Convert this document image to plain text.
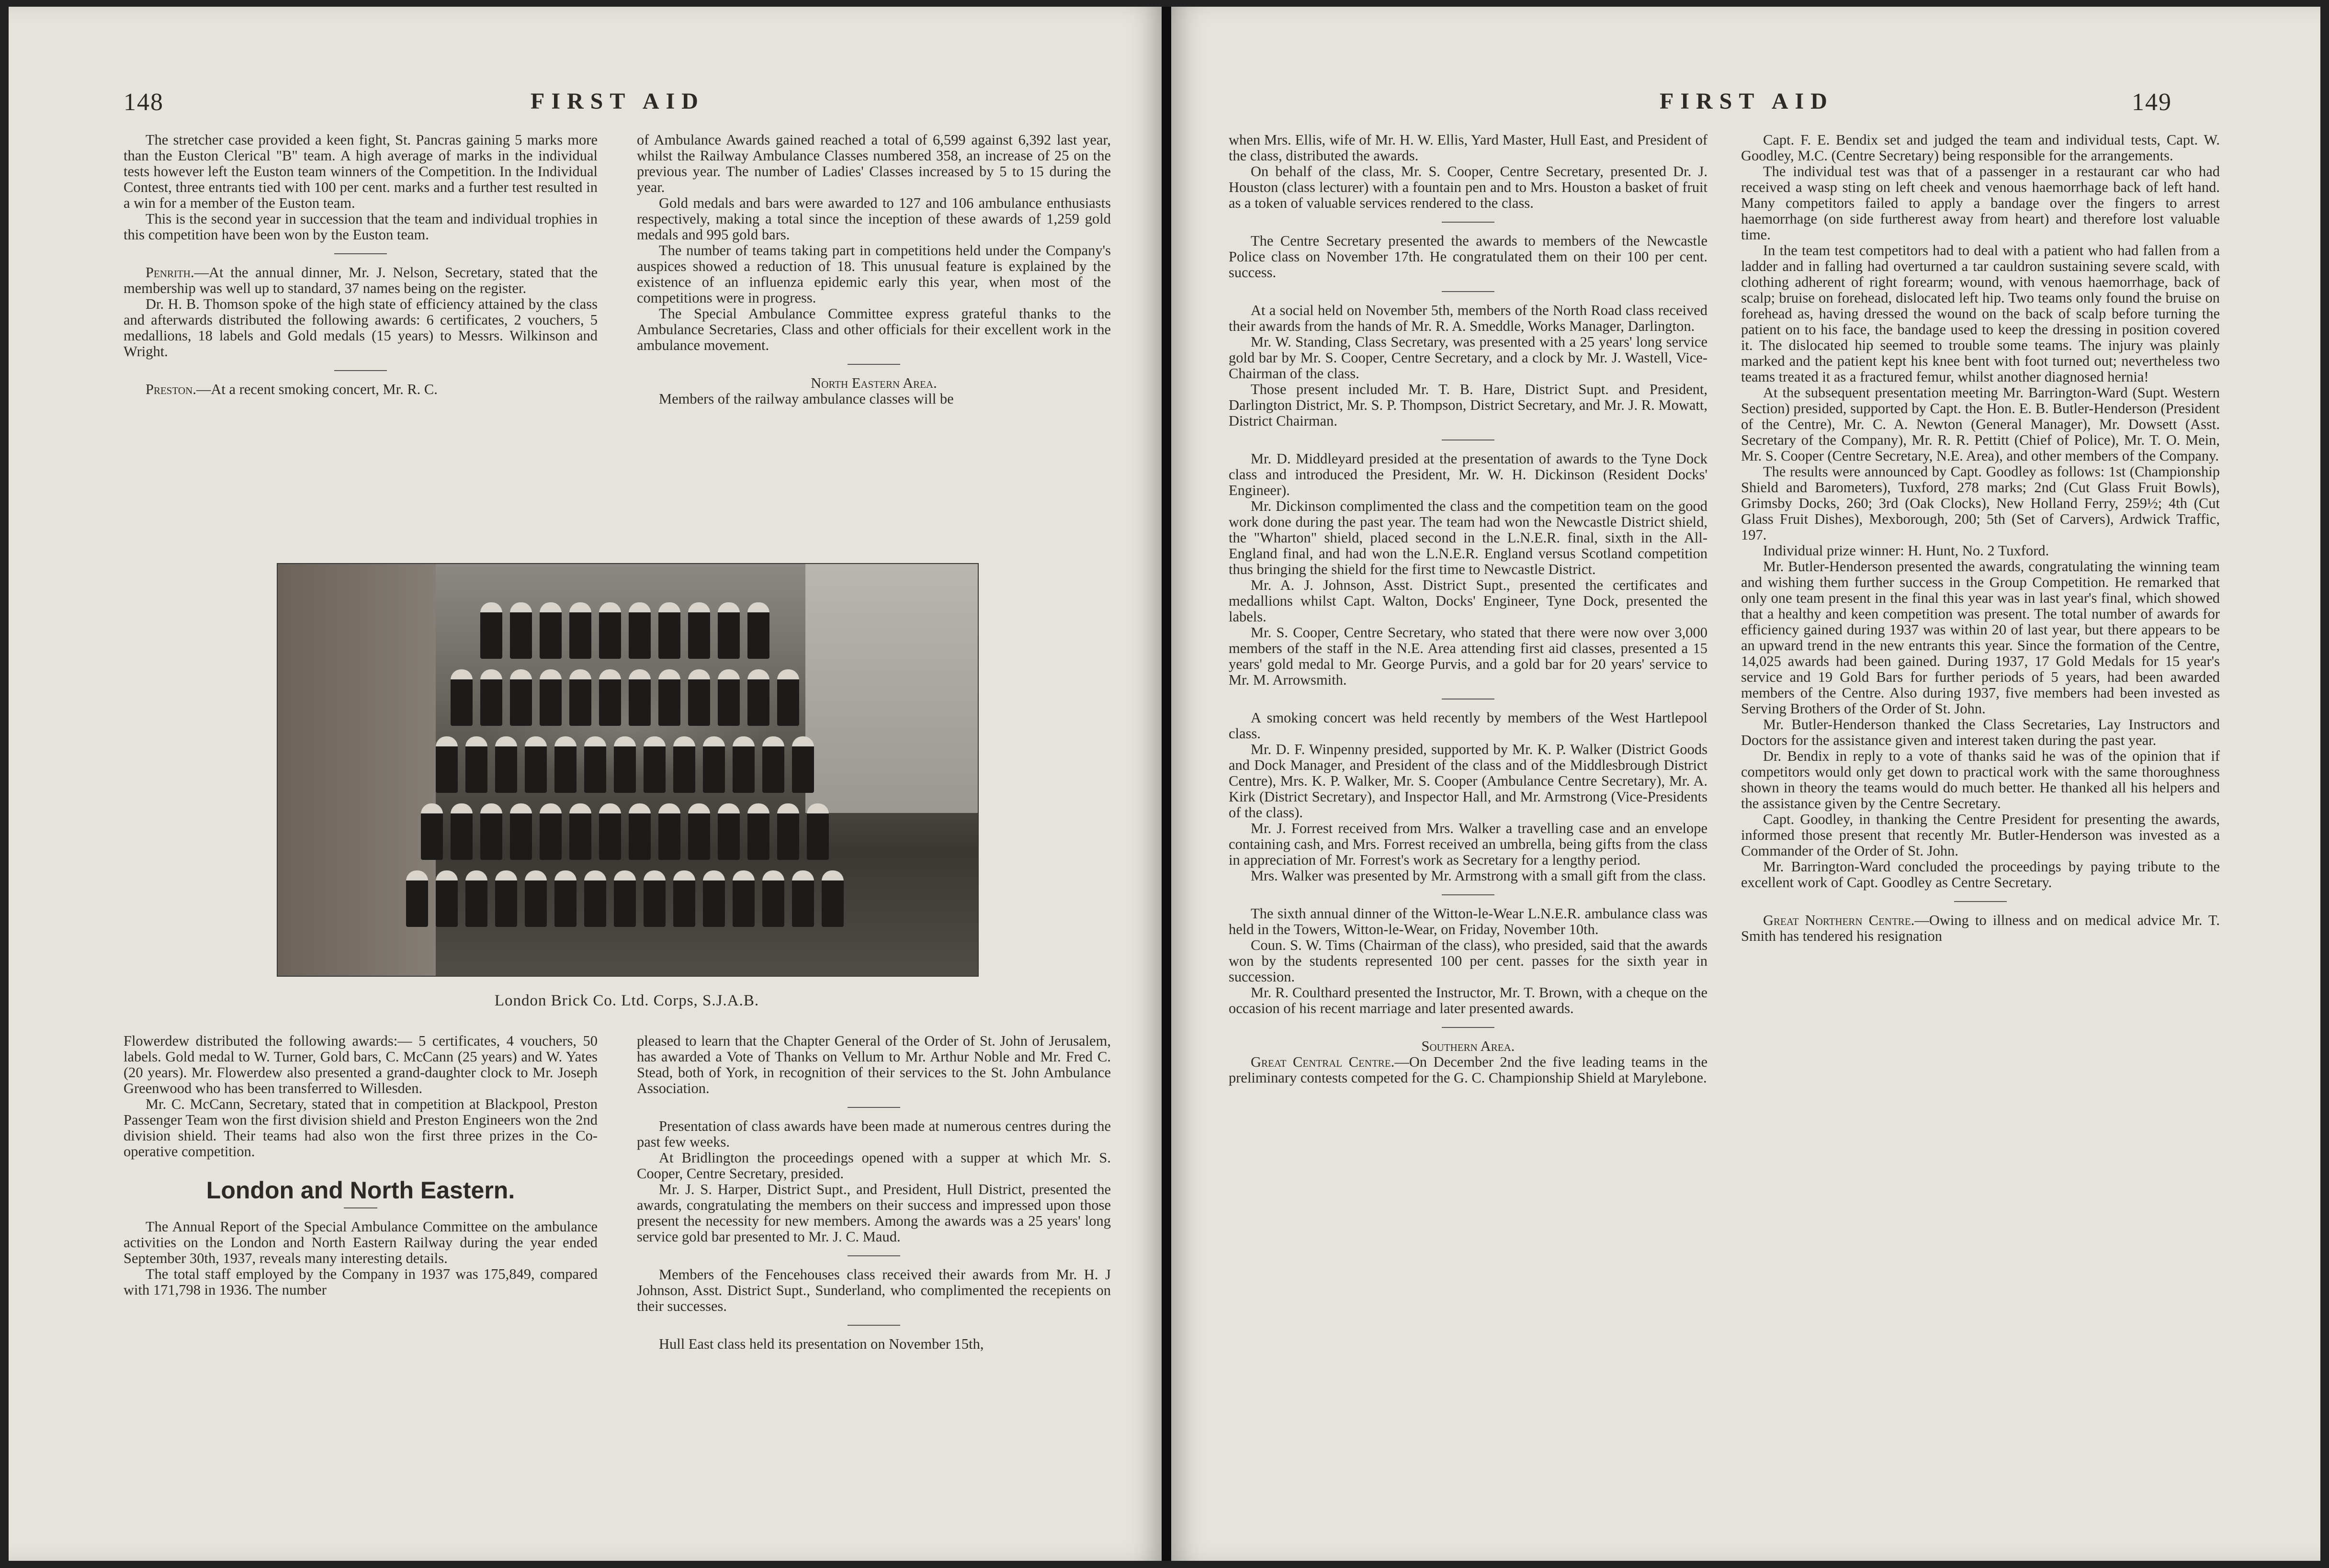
148	FIRST AID

The stretcher case provided a keen fight, St. Pancras gaining 5 marks more than the Euston Clerical "B" team. A high average of marks in the individual tests however left the Euston team winners of the Competition. In the Individual Contest, three entrants tied with 100 per cent. marks and a further test resulted in a win for a member of the Euston team.

This is the second year in succession that the team and individual trophies in this competition have been won by the Euston team.

Penrith.—At the annual dinner, Mr. J. Nelson, Secretary, stated that the membership was well up to standard, 37 names being on the register.

Dr. H. B. Thomson spoke of the high state of efficiency attained by the class and afterwards distributed the following awards: 6 certificates, 2 vouchers, 5 medallions, 18 labels and Gold medals (15 years) to Messrs. Wilkinson and Wright.

Preston.—At a recent smoking concert, Mr. R. C.

of Ambulance Awards gained reached a total of 6,599 against 6,392 last year, whilst the Railway Ambulance Classes numbered 358, an increase of 25 on the previous year. The number of Ladies' Classes increased by 5 to 15 during the year.

Gold medals and bars were awarded to 127 and 106 ambulance enthusiasts respectively, making a total since the inception of these awards of 1,259 gold medals and 995 gold bars.

The number of teams taking part in competitions held under the Company's auspices showed a reduction of 18. This unusual feature is explained by the existence of an influenza epidemic early this year, when most of the competitions were in progress.

The Special Ambulance Committee express grateful thanks to the Ambulance Secretaries, Class and other officials for their excellent work in the ambulance movement.

North Eastern Area.

Members of the railway ambulance classes will be

London Brick Co. Ltd. Corps, S.J.A.B.

Flowerdew distributed the following awards:— 5 certificates, 4 vouchers, 50 labels. Gold medal to W. Turner, Gold bars, C. McCann (25 years) and W. Yates (20 years). Mr. Flowerdew also presented a grand-daughter clock to Mr. Joseph Greenwood who has been transferred to Willesden.

Mr. C. McCann, Secretary, stated that in competition at Blackpool, Preston Passenger Team won the first division shield and Preston Engineers won the 2nd division shield. Their teams had also won the first three prizes in the Co-operative competition.

London and North Eastern.

The Annual Report of the Special Ambulance Committee on the ambulance activities on the London and North Eastern Railway during the year ended September 30th, 1937, reveals many interesting details.

The total staff employed by the Company in 1937 was 175,849, compared with 171,798 in 1936. The number

pleased to learn that the Chapter General of the Order of St. John of Jerusalem, has awarded a Vote of Thanks on Vellum to Mr. Arthur Noble and Mr. Fred C. Stead, both of York, in recognition of their services to the St. John Ambulance Association.

Presentation of class awards have been made at numerous centres during the past few weeks.

At Bridlington the proceedings opened with a supper at which Mr. S. Cooper, Centre Secretary, presided.

Mr. J. S. Harper, District Supt., and President, Hull District, presented the awards, congratulating the members on their success and impressed upon those present the necessity for new members. Among the awards was a 25 years' long service gold bar presented to Mr. J. C. Maud.

Members of the Fencehouses class received their awards from Mr. H. J Johnson, Asst. District Supt., Sunderland, who complimented the recepients on their successes.

Hull East class held its presentation on November 15th,

FIRST AID	149

when Mrs. Ellis, wife of Mr. H. W. Ellis, Yard Master, Hull East, and President of the class, distributed the awards.

On behalf of the class, Mr. S. Cooper, Centre Secretary, presented Dr. J. Houston (class lecturer) with a fountain pen and to Mrs. Houston a basket of fruit as a token of valuable services rendered to the class.

The Centre Secretary presented the awards to members of the Newcastle Police class on November 17th. He congratulated them on their 100 per cent. success.

At a social held on November 5th, members of the North Road class received their awards from the hands of Mr. R. A. Smeddle, Works Manager, Darlington.

Mr. W. Standing, Class Secretary, was presented with a 25 years' long service gold bar by Mr. S. Cooper, Centre Secretary, and a clock by Mr. J. Wastell, Vice-Chairman of the class.

Those present included Mr. T. B. Hare, District Supt. and President, Darlington District, Mr. S. P. Thompson, District Secretary, and Mr. J. R. Mowatt, District Chairman.

Mr. D. Middleyard presided at the presentation of awards to the Tyne Dock class and introduced the President, Mr. W. H. Dickinson (Resident Docks' Engineer).

Mr. Dickinson complimented the class and the competition team on the good work done during the past year. The team had won the Newcastle District shield, the "Wharton" shield, placed second in the L.N.E.R. final, sixth in the All-England final, and had won the L.N.E.R. England versus Scotland competition thus bringing the shield for the first time to Newcastle District.

Mr. A. J. Johnson, Asst. District Supt., presented the certificates and medallions whilst Capt. Walton, Docks' Engineer, Tyne Dock, presented the labels.

Mr. S. Cooper, Centre Secretary, who stated that there were now over 3,000 members of the staff in the N.E. Area attending first aid classes, presented a 15 years' gold medal to Mr. George Purvis, and a gold bar for 20 years' service to Mr. M. Arrowsmith.

A smoking concert was held recently by members of the West Hartlepool class.

Mr. D. F. Winpenny presided, supported by Mr. K. P. Walker (District Goods and Dock Manager, and President of the class and of the Middlesbrough District Centre), Mrs. K. P. Walker, Mr. S. Cooper (Ambulance Centre Secretary), Mr. A. Kirk (District Secretary), and Inspector Hall, and Mr. Armstrong (Vice-Presidents of the class).

Mr. J. Forrest received from Mrs. Walker a travelling case and an envelope containing cash, and Mrs. Forrest received an umbrella, being gifts from the class in appreciation of Mr. Forrest's work as Secretary for a lengthy period.

Mrs. Walker was presented by Mr. Armstrong with a small gift from the class.

The sixth annual dinner of the Witton-le-Wear L.N.E.R. ambulance class was held in the Towers, Witton-le-Wear, on Friday, November 10th.

Coun. S. W. Tims (Chairman of the class), who presided, said that the awards won by the students represented 100 per cent. passes for the sixth year in succession.

Mr. R. Coulthard presented the Instructor, Mr. T. Brown, with a cheque on the occasion of his recent marriage and later presented awards.

Southern Area.

Great Central Centre.—On December 2nd the five leading teams in the preliminary contests competed for the G. C. Championship Shield at Marylebone.

Capt. F. E. Bendix set and judged the team and individual tests, Capt. W. Goodley, M.C. (Centre Secretary) being responsible for the arrangements.

The individual test was that of a passenger in a restaurant car who had received a wasp sting on left cheek and venous haemorrhage back of left hand. Many competitors failed to apply a bandage over the fingers to arrest haemorrhage (on side furtherest away from heart) and therefore lost valuable time.

In the team test competitors had to deal with a patient who had fallen from a ladder and in falling had overturned a tar cauldron sustaining severe scald, with clothing adherent of right forearm; wound, with venous haemorrhage, back of scalp; bruise on forehead, dislocated left hip. Two teams only found the bruise on forehead as, having dressed the wound on the back of scalp before turning the patient on to his face, the bandage used to keep the dressing in position covered it. The dislocated hip seemed to trouble some teams. The injury was plainly marked and the patient kept his knee bent with foot turned out; nevertheless two teams treated it as a fractured femur, whilst another diagnosed hernia!

At the subsequent presentation meeting Mr. Barrington-Ward (Supt. Western Section) presided, supported by Capt. the Hon. E. B. Butler-Henderson (President of the Centre), Mr. C. A. Newton (General Manager), Mr. Dowsett (Asst. Secretary of the Company), Mr. R. R. Pettitt (Chief of Police), Mr. T. O. Mein, Mr. S. Cooper (Centre Secretary, N.E. Area), and other members of the Company.

The results were announced by Capt. Goodley as follows: 1st (Championship Shield and Barometers), Tuxford, 278 marks; 2nd (Cut Glass Fruit Bowls), Grimsby Docks, 260; 3rd (Oak Clocks), New Holland Ferry, 259½; 4th (Cut Glass Fruit Dishes), Mexborough, 200; 5th (Set of Carvers), Ardwick Traffic, 197.

Individual prize winner: H. Hunt, No. 2 Tuxford.

Mr. Butler-Henderson presented the awards, congratulating the winning team and wishing them further success in the Group Competition. He remarked that only one team present in the final this year was in last year's final, which showed that a healthy and keen competition was present. The total number of awards for efficiency gained during 1937 was within 20 of last year, but there appears to be an upward trend in the new entrants this year. Since the formation of the Centre, 14,025 awards had been gained. During 1937, 17 Gold Medals for 15 year's service and 19 Gold Bars for further periods of 5 years, had been awarded members of the Centre. Also during 1937, five members had been invested as Serving Brothers of the Order of St. John.

Mr. Butler-Henderson thanked the Class Secretaries, Lay Instructors and Doctors for the assistance given and interest taken during the past year.

Dr. Bendix in reply to a vote of thanks said he was of the opinion that if competitors would only get down to practical work with the same thoroughness shown in theory the teams would do much better. He thanked all his helpers and the assistance given by the Centre Secretary.

Capt. Goodley, in thanking the Centre President for presenting the awards, informed those present that recently Mr. Butler-Henderson was invested as a Commander of the Order of St. John.

Mr. Barrington-Ward concluded the proceedings by paying tribute to the excellent work of Capt. Goodley as Centre Secretary.

Great Northern Centre.—Owing to illness and on medical advice Mr. T. Smith has tendered his resignation
